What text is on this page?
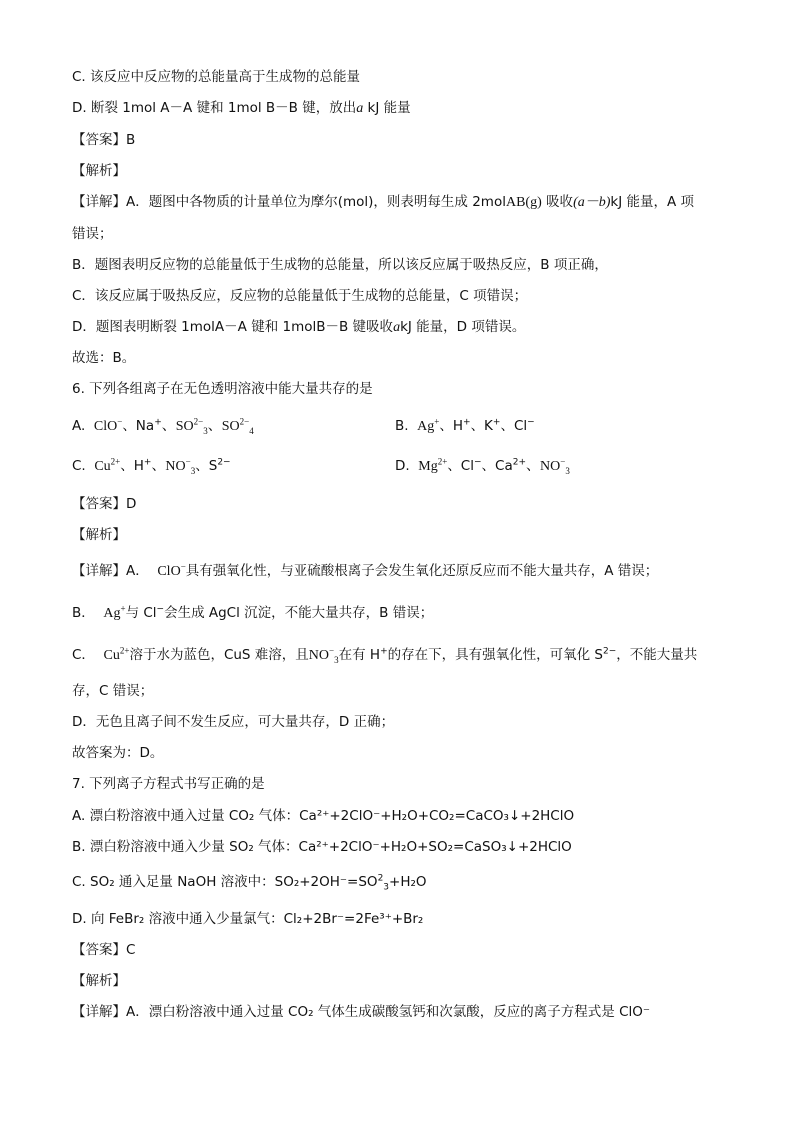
C. 该反应中反应物的总能量高于生成物的总能量
D. 断裂 1mol A－A 键和 1mol B－B 键，放出a kJ 能量
【答案】B
【解析】
【详解】A．题图中各物质的计量单位为摩尔(mol)，则表明每生成 2molAB(g) 吸收(a－b)kJ 能量，A 项
错误；
B．题图表明反应物的总能量低于生成物的总能量，所以该反应属于吸热反应，B 项正确，
C．该反应属于吸热反应，反应物的总能量低于生成物的总能量，C 项错误；
D．题图表明断裂 1molA－A 键和 1molB－B 键吸收akJ 能量，D 项错误。
故选：B。
6. 下列各组离子在无色透明溶液中能大量共存的是
A. ClO−、Na+、$SO^{2-}_3$、$SO^{2-}_4$	B. Ag+、H+、K+、Cl−
C. $Cu^{2+}$、H+、$NO^-_3$、$S^{2-}$	D. $Mg^{2+}$、Cl−、$Ca^{2+}$、$NO^-_3$
【答案】D
【解析】
【详解】A． ClO−具有强氧化性，与亚硫酸根离子会发生氧化还原反应而不能大量共存，A 错误；
B． Ag+与 Cl−会生成 AgCl 沉淀，不能大量共存，B 错误；
C． $Cu^{2+}$溶于水为蓝色，CuS 难溶，且$NO^-_3$在有 H+的存在下，具有强氧化性，可氧化 $S^{2-}$，不能大量共
存，C 错误；
D．无色且离子间不发生反应，可大量共存，D 正确；
故答案为：D。
7. 下列离子方程式书写正确的是
A. 漂白粉溶液中通入过量 CO₂ 气体：Ca²⁺+2ClO⁻+H₂O+CO₂=CaCO₃↓+2HClO
B. 漂白粉溶液中通入少量 SO₂ 气体：Ca²⁺+2ClO⁻+H₂O+SO₂=CaSO₃↓+2HClO
C. SO₂ 通入足量 NaOH 溶液中：$SO_2+2OH^-=SO^2_3+H_2O$
D. 向 FeBr₂ 溶液中通入少量氯气：Cl₂+2Br⁻=2Fe³⁺+Br₂
【答案】C
【解析】
【详解】A．漂白粉溶液中通入过量 CO₂ 气体生成碳酸氢钙和次氯酸，反应的离子方程式是 ClO⁻
